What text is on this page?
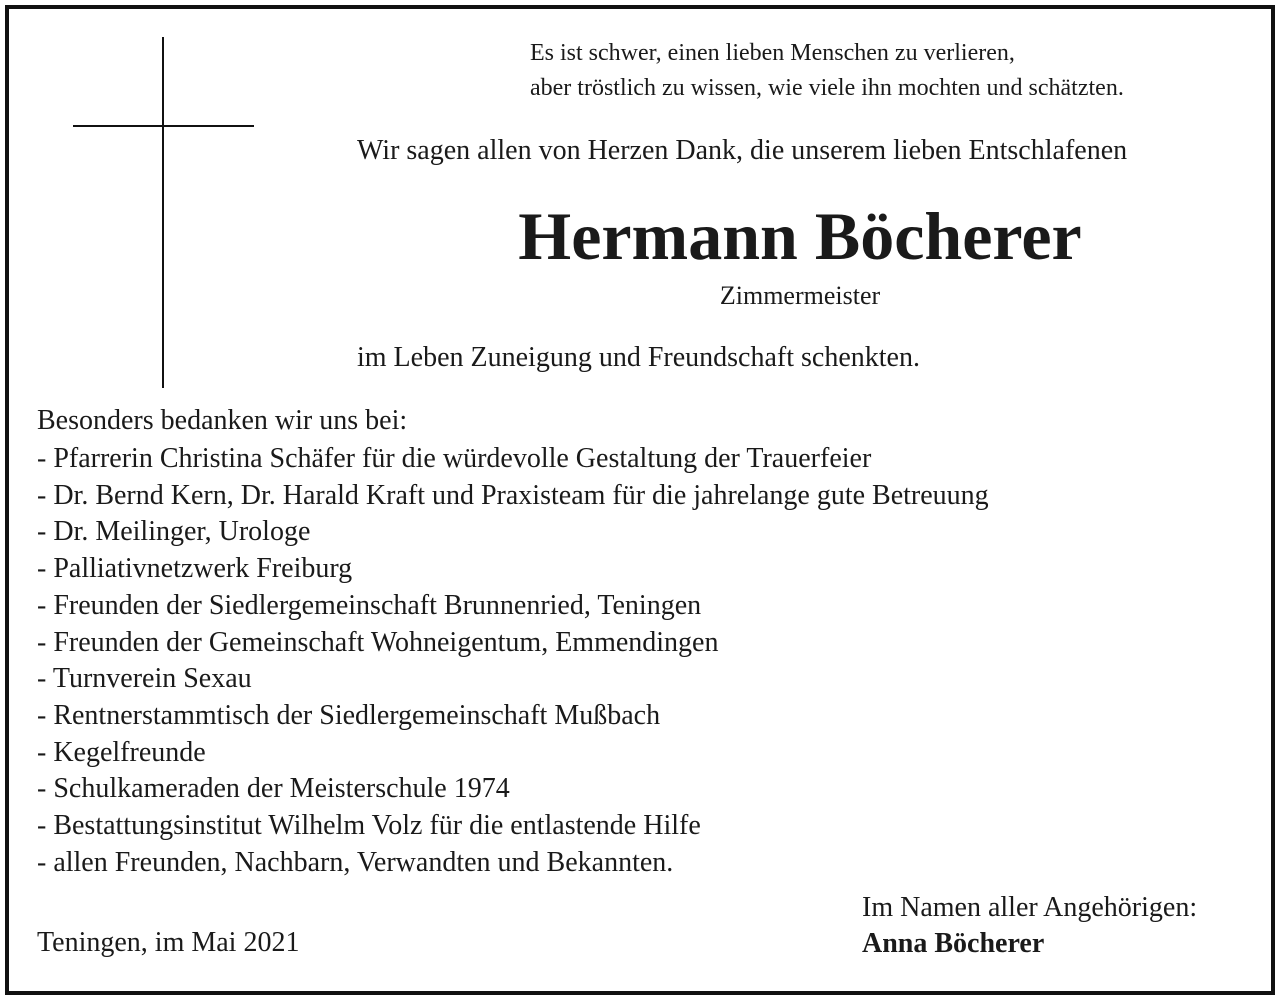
Es ist schwer, einen lieben Menschen zu verlieren,
aber tröstlich zu wissen, wie viele ihn mochten und schätzten.
Wir sagen allen von Herzen Dank, die unserem lieben Entschlafenen
Hermann Böcherer
Zimmermeister
im Leben Zuneigung und Freundschaft schenkten.
Besonders bedanken wir uns bei:
- Pfarrerin Christina Schäfer für die würdevolle Gestaltung der Trauerfeier
- Dr. Bernd Kern, Dr. Harald Kraft und Praxisteam für die jahrelange gute Betreuung
- Dr. Meilinger, Urologe
- Palliativnetzwerk Freiburg
- Freunden der Siedlergemeinschaft Brunnenried, Teningen
- Freunden der Gemeinschaft Wohneigentum, Emmendingen
- Turnverein Sexau
- Rentnerstammtisch der Siedlergemeinschaft Mußbach
- Kegelfreunde
- Schulkameraden der Meisterschule 1974
- Bestattungsinstitut Wilhelm Volz für die entlastende Hilfe
- allen Freunden, Nachbarn, Verwandten und Bekannten.
Teningen, im Mai 2021
Im Namen aller Angehörigen:
Anna Böcherer
